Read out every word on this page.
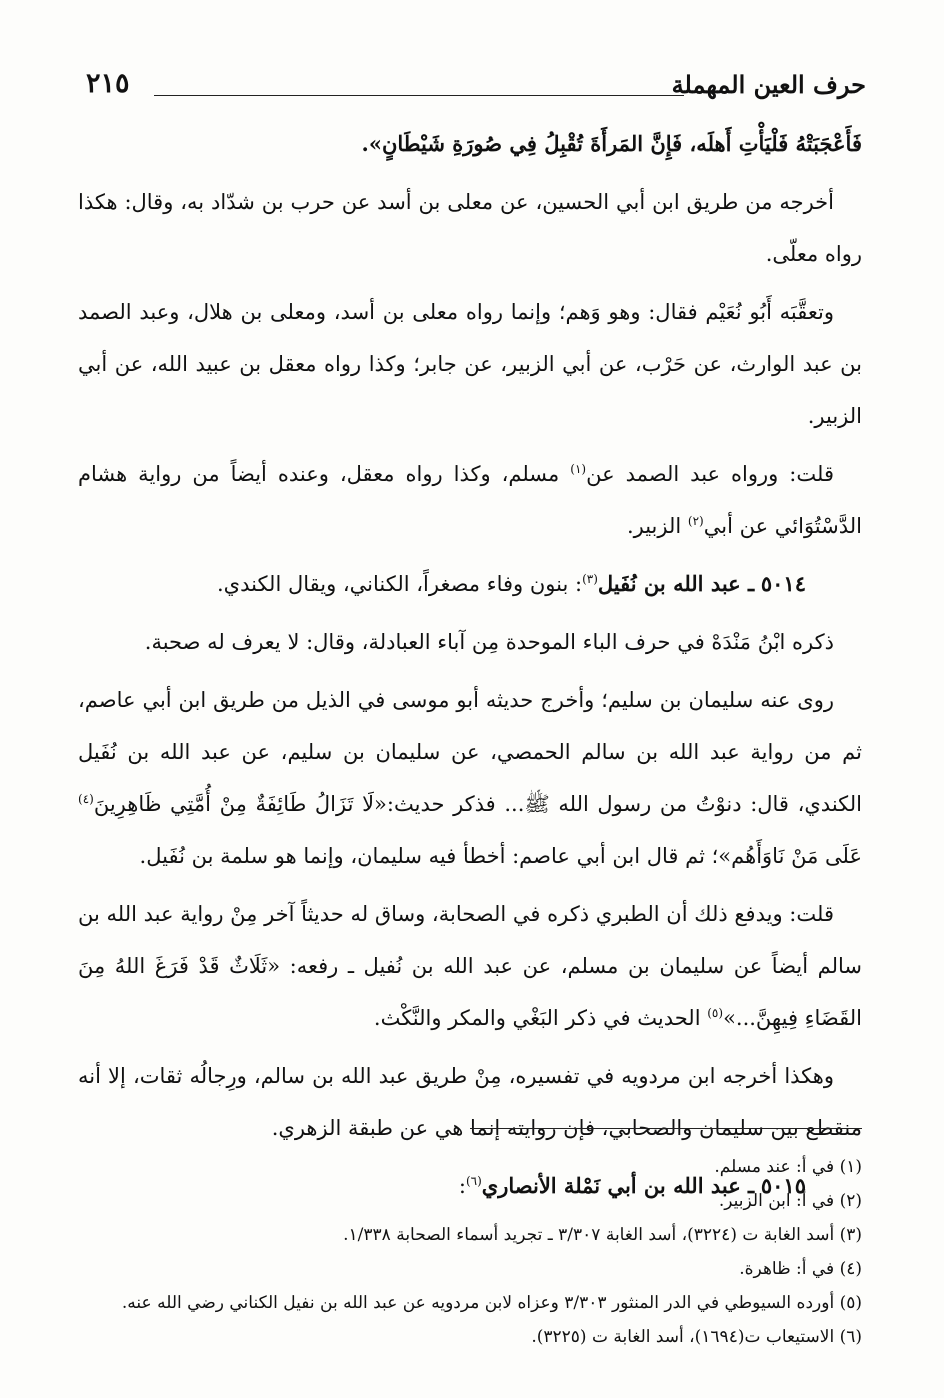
٢١٥	حرف العين المهملة

فَأَعْجَبَتْهُ فَلْيَأْتِ أَهلَه، فَإِنَّ المَرأَةَ تُقْبِلُ فِي صُورَةِ شَيْطَانٍ».

أخرجه من طريق ابن أبي الحسين، عن معلى بن أسد عن حرب بن شدّاد به، وقال: هكذا رواه معلّى.

وتعقَّبَه أَبُو نُعَيْم فقال: وهو وَهم؛ وإنما رواه معلى بن أسد، ومعلى بن هلال، وعبد الصمد بن عبد الوارث، عن حَرْب، عن أبي الزبير، عن جابر؛ وكذا رواه معقل بن عبيد الله، عن أبي الزبير.

قلت: ورواه عبد الصمد عن$^{(١)}$ مسلم، وكذا رواه معقل، وعنده أيضاً من رواية هشام الدَّسْتُوَائي عن أبي$^{(٢)}$ الزبير.

٥٠١٤ ـ عبد الله بن نُفَيل$^{(٣)}$: بنون وفاء مصغراً، الكناني، ويقال الكندي.

ذكره ابْنُ مَنْدَهْ في حرف الباء الموحدة مِن آباء العبادلة، وقال: لا يعرف له صحبة.

روى عنه سليمان بن سليم؛ وأخرج حديثه أبو موسى في الذيل من طريق ابن أبي عاصم، ثم من رواية عبد الله بن سالم الحمصي، عن سليمان بن سليم، عن عبد الله بن نُفَيل الكندي، قال: دنوْتُ من رسول الله ﷺ... فذكر حديث:«لَا تَزَالُ طَائِفَةٌ مِنْ أُمَّتِي ظَاهِرِينَ$^{(٤)}$ عَلَى مَنْ نَاوَأَهُم»؛ ثم قال ابن أبي عاصم: أخطأ فيه سليمان، وإنما هو سلمة بن نُفَيل.

قلت: ويدفع ذلك أن الطبري ذكره في الصحابة، وساق له حديثاً آخر مِنْ رواية عبد الله بن سالم أيضاً عن سليمان بن مسلم، عن عبد الله بن نُفيل ـ رفعه: «ثَلَاثٌ قَدْ فَرَغَ اللهُ مِنَ القَضَاءِ فِيهِنَّ...»$^{(٥)}$ الحديث في ذكر البَغْي والمكر والنَّكْث.

وهكذا أخرجه ابن مردويه في تفسيره، مِنْ طريق عبد الله بن سالم، ورِجالُه ثقات، إلا أنه منقطع بين سليمان والصحابي، فإن روايته إنما هي عن طبقة الزهري.

٥٠١٥ ـ عبد الله بن أبي نَمْلة الأنصاري$^{(٦)}$:

(١) في أ: عند مسلم.
(٢) في أ: ابن الزبير.
(٣) أسد الغابة ت (٣٢٢٤)، أسد الغابة ٣/٣٠٧ ـ تجريد أسماء الصحابة ١/٣٣٨.
(٤) في أ: ظاهرة.
(٥) أورده السيوطي في الدر المنثور ٣/٣٠٣ وعزاه لابن مردويه عن عبد الله بن نفيل الكناني رضي الله عنه.
(٦) الاستيعاب ت(١٦٩٤)، أسد الغابة ت (٣٢٢٥).
